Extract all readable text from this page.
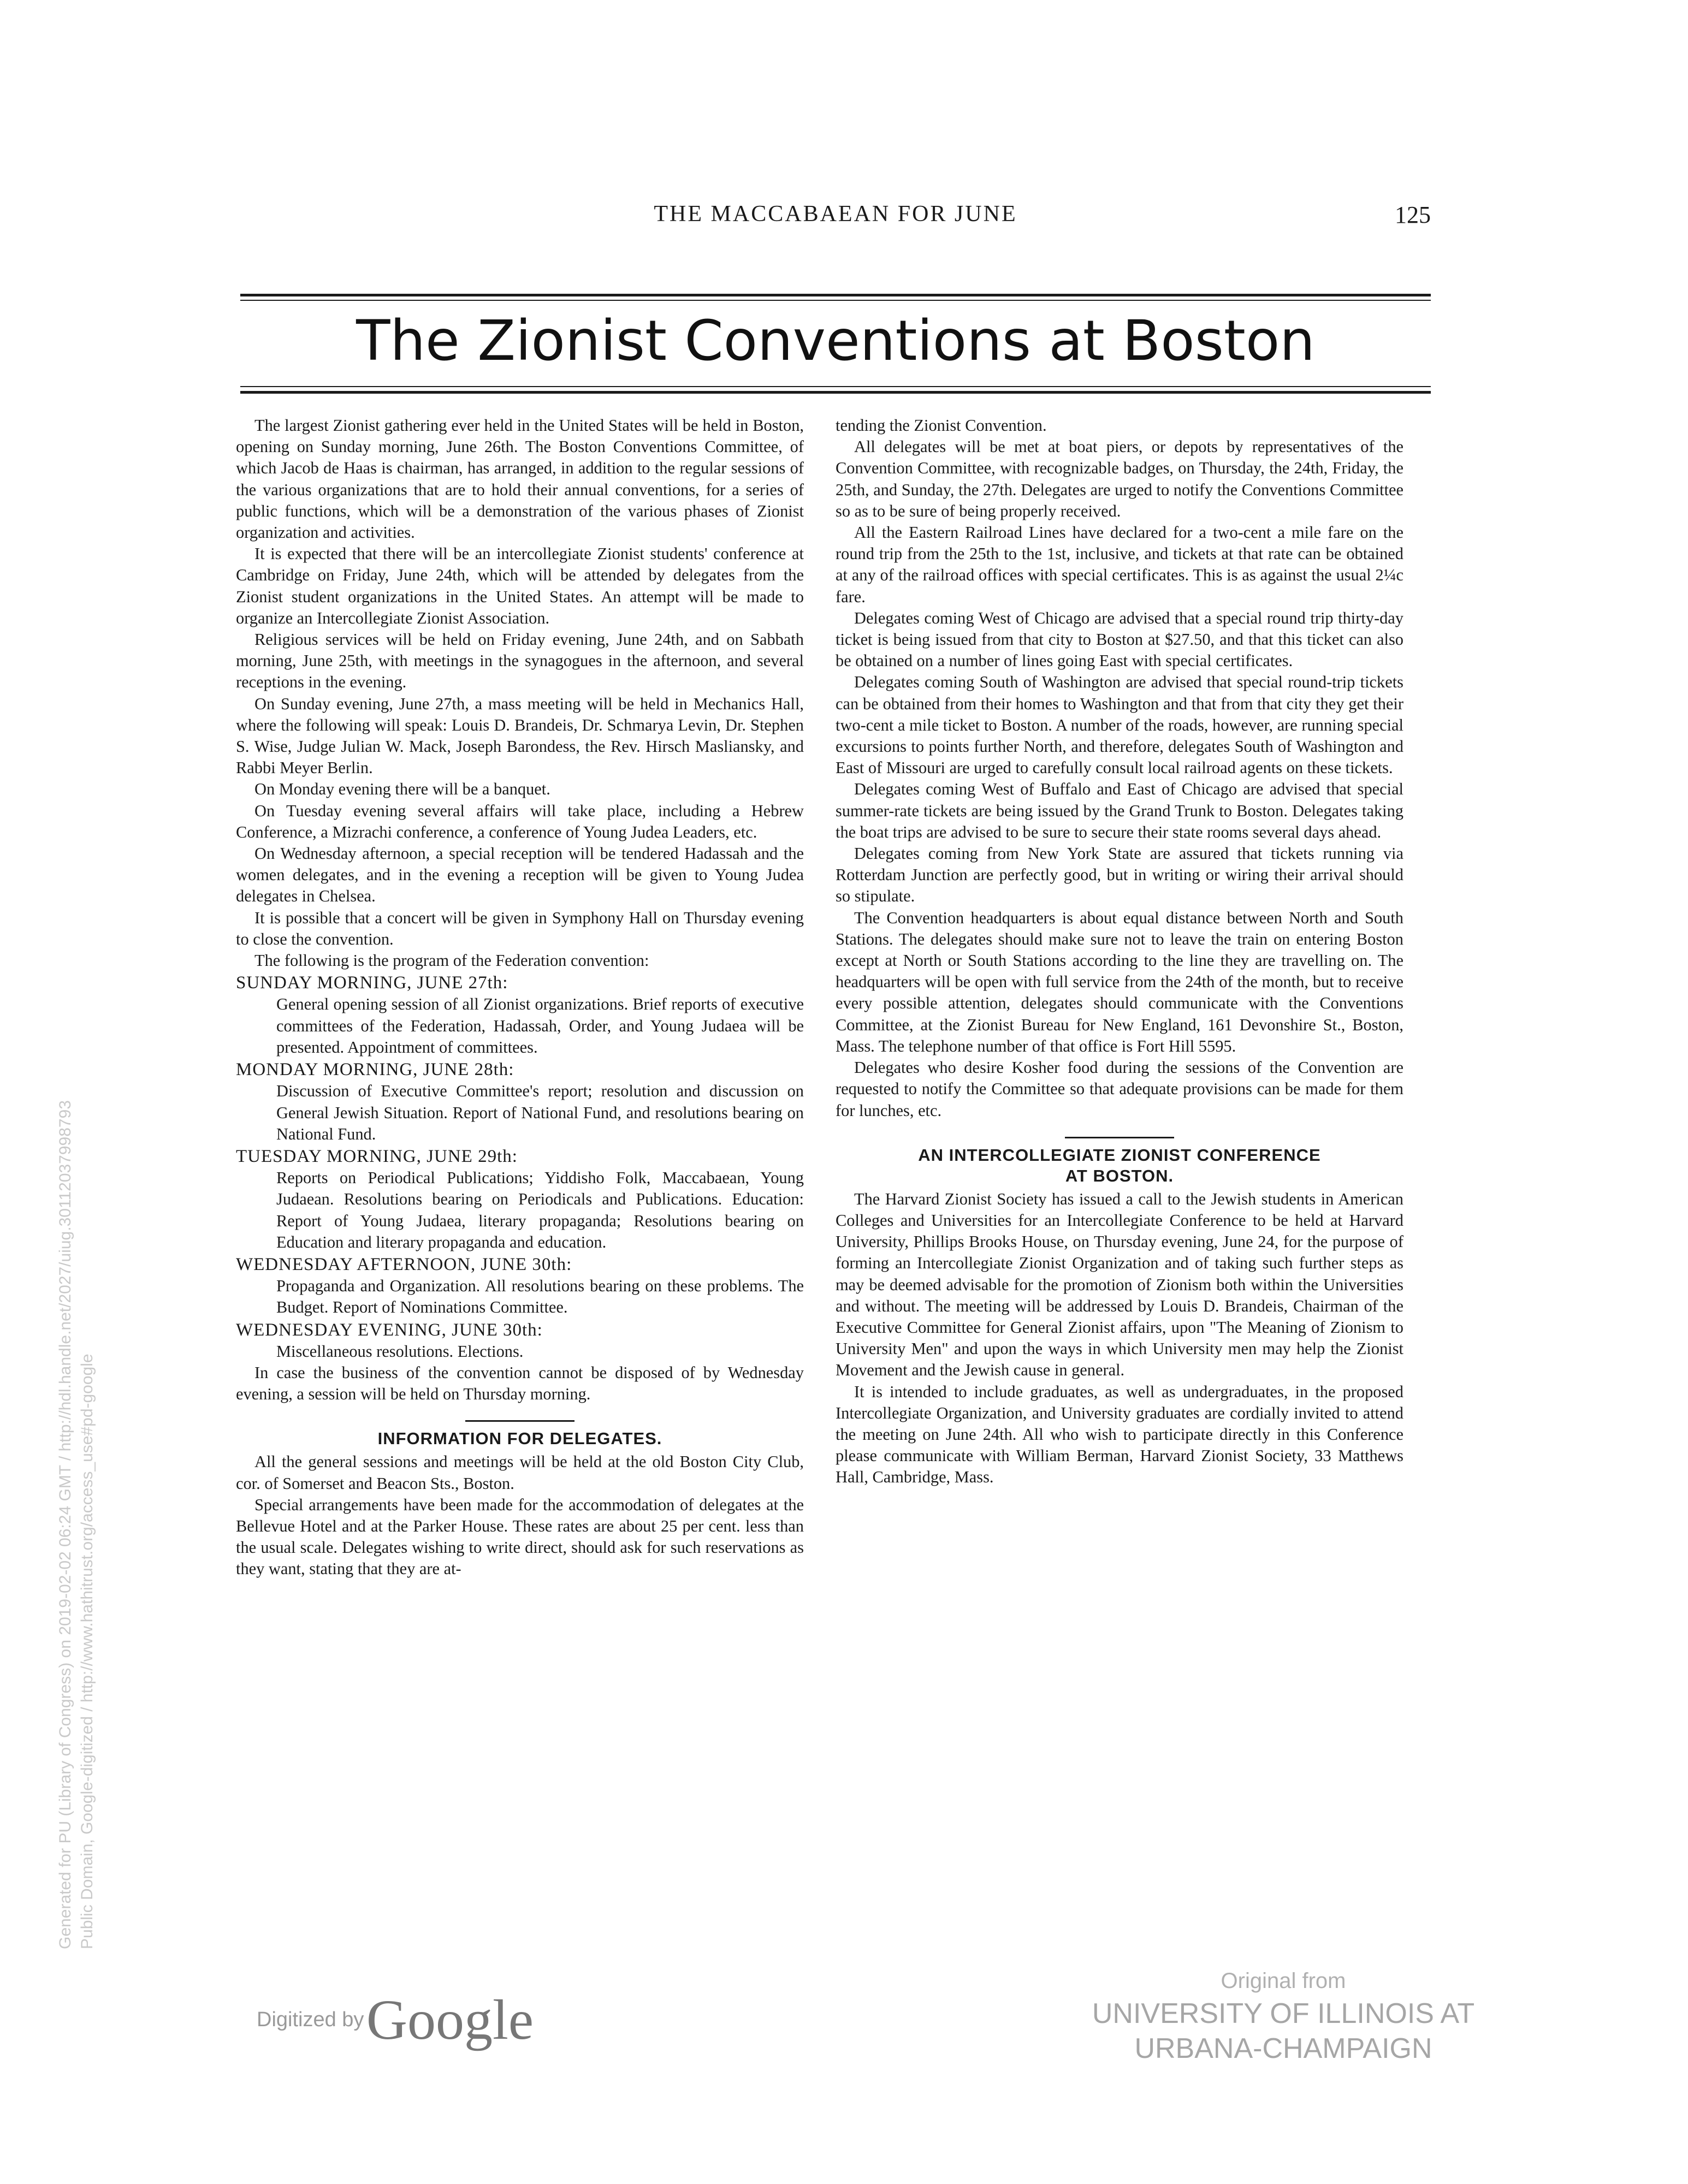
THE MACCABAEAN FOR JUNE	125
The Zionist Conventions at Boston

The largest Zionist gathering ever held in the United States will be held in Boston, opening on Sunday morning, June 26th. The Boston Conventions Committee, of which Jacob de Haas is chairman, has arranged, in addition to the regular sessions of the various organizations that are to hold their annual conventions, for a series of public functions, which will be a demonstration of the various phases of Zionist organization and activities.

It is expected that there will be an intercollegiate Zionist students' conference at Cambridge on Friday, June 24th, which will be attended by delegates from the Zionist student organizations in the United States. An attempt will be made to organize an Intercollegiate Zionist Association.

Religious services will be held on Friday evening, June 24th, and on Sabbath morning, June 25th, with meetings in the synagogues in the afternoon, and several receptions in the evening.

On Sunday evening, June 27th, a mass meeting will be held in Mechanics Hall, where the following will speak: Louis D. Brandeis, Dr. Schmarya Levin, Dr. Stephen S. Wise, Judge Julian W. Mack, Joseph Barondess, the Rev. Hirsch Masliansky, and Rabbi Meyer Berlin.

On Monday evening there will be a banquet.

On Tuesday evening several affairs will take place, including a Hebrew Conference, a Mizrachi conference, a conference of Young Judea Leaders, etc.

On Wednesday afternoon, a special reception will be tendered Hadassah and the women delegates, and in the evening a reception will be given to Young Judea delegates in Chelsea.

It is possible that a concert will be given in Symphony Hall on Thursday evening to close the convention.

The following is the program of the Federation convention:

SUNDAY MORNING, JUNE 27th:

General opening session of all Zionist organizations. Brief reports of executive committees of the Federation, Hadassah, Order, and Young Judaea will be presented. Appointment of committees.

MONDAY MORNING, JUNE 28th:

Discussion of Executive Committee's report; resolution and discussion on General Jewish Situation. Report of National Fund, and resolutions bearing on National Fund.

TUESDAY MORNING, JUNE 29th:

Reports on Periodical Publications; Yiddisho Folk, Maccabaean, Young Judaean. Resolutions bearing on Periodicals and Publications. Education: Report of Young Judaea, literary propaganda; Resolutions bearing on Education and literary propaganda and education.

WEDNESDAY AFTERNOON, JUNE 30th:

Propaganda and Organization. All resolutions bearing on these problems. The Budget. Report of Nominations Committee.

WEDNESDAY EVENING, JUNE 30th:

Miscellaneous resolutions. Elections.

In case the business of the convention cannot be disposed of by Wednesday evening, a session will be held on Thursday morning.

INFORMATION FOR DELEGATES.

All the general sessions and meetings will be held at the old Boston City Club, cor. of Somerset and Beacon Sts., Boston.

Special arrangements have been made for the accommodation of delegates at the Bellevue Hotel and at the Parker House. These rates are about 25 per cent. less than the usual scale. Delegates wishing to write direct, should ask for such reservations as they want, stating that they are at-

tending the Zionist Convention.

All delegates will be met at boat piers, or depots by representatives of the Convention Committee, with recognizable badges, on Thursday, the 24th, Friday, the 25th, and Sunday, the 27th. Delegates are urged to notify the Conventions Committee so as to be sure of being properly received.

All the Eastern Railroad Lines have declared for a two-cent a mile fare on the round trip from the 25th to the 1st, inclusive, and tickets at that rate can be obtained at any of the railroad offices with special certificates. This is as against the usual 2¼c fare.

Delegates coming West of Chicago are advised that a special round trip thirty-day ticket is being issued from that city to Boston at $27.50, and that this ticket can also be obtained on a number of lines going East with special certificates.

Delegates coming South of Washington are advised that special round-trip tickets can be obtained from their homes to Washington and that from that city they get their two-cent a mile ticket to Boston. A number of the roads, however, are running special excursions to points further North, and therefore, delegates South of Washington and East of Missouri are urged to carefully consult local railroad agents on these tickets.

Delegates coming West of Buffalo and East of Chicago are advised that special summer-rate tickets are being issued by the Grand Trunk to Boston. Delegates taking the boat trips are advised to be sure to secure their state rooms several days ahead.

Delegates coming from New York State are assured that tickets running via Rotterdam Junction are perfectly good, but in writing or wiring their arrival should so stipulate.

The Convention headquarters is about equal distance between North and South Stations. The delegates should make sure not to leave the train on entering Boston except at North or South Stations according to the line they are travelling on. The headquarters will be open with full service from the 24th of the month, but to receive every possible attention, delegates should communicate with the Conventions Committee, at the Zionist Bureau for New England, 161 Devonshire St., Boston, Mass. The telephone number of that office is Fort Hill 5595.

Delegates who desire Kosher food during the sessions of the Convention are requested to notify the Committee so that adequate provisions can be made for them for lunches, etc.

AN INTERCOLLEGIATE ZIONIST CONFERENCE
AT BOSTON.

The Harvard Zionist Society has issued a call to the Jewish students in American Colleges and Universities for an Intercollegiate Conference to be held at Harvard University, Phillips Brooks House, on Thursday evening, June 24, for the purpose of forming an Intercollegiate Zionist Organization and of taking such further steps as may be deemed advisable for the promotion of Zionism both within the Universities and without. The meeting will be addressed by Louis D. Brandeis, Chairman of the Executive Committee for General Zionist affairs, upon "The Meaning of Zionism to University Men" and upon the ways in which University men may help the Zionist Movement and the Jewish cause in general.

It is intended to include graduates, as well as undergraduates, in the proposed Intercollegiate Organization, and University graduates are cordially invited to attend the meeting on June 24th. All who wish to participate directly in this Conference please communicate with William Berman, Harvard Zionist Society, 33 Matthews Hall, Cambridge, Mass.

Generated for PU (Library of Congress) on 2019-02-02 06:24 GMT / http://hdl.handle.net/2027/uiug.30112037998793 Public Domain, Google-digitized / http://www.hathitrust.org/access_use#pd-google
Digitized by Google
Original from
UNIVERSITY OF ILLINOIS AT
URBANA-CHAMPAIGN
